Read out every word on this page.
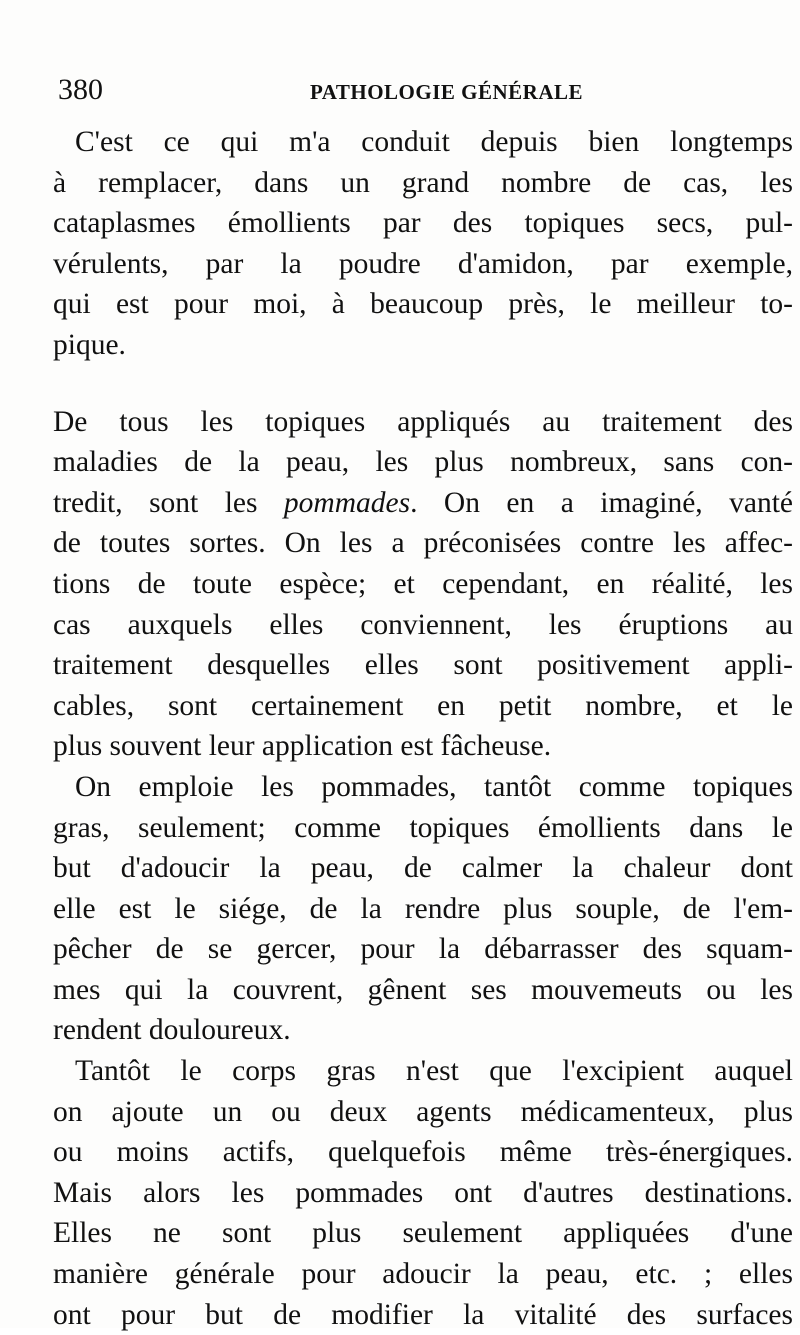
380	PATHOLOGIE GÉNÉRALE
C'est ce qui m'a conduit depuis bien longtemps
à remplacer, dans un grand nombre de cas, les
cataplasmes émollients par des topiques secs, pul-
vérulents, par la poudre d'amidon, par exemple,
qui est pour moi, à beaucoup près, le meilleur to-
pique.
De tous les topiques appliqués au traitement des
maladies de la peau, les plus nombreux, sans con-
tredit, sont les pommades. On en a imaginé, vanté
de toutes sortes. On les a préconisées contre les affec-
tions de toute espèce; et cependant, en réalité, les
cas auxquels elles conviennent, les éruptions au
traitement desquelles elles sont positivement appli-
cables, sont certainement en petit nombre, et le
plus souvent leur application est fâcheuse.
On emploie les pommades, tantôt comme topiques
gras, seulement; comme topiques émollients dans le
but d'adoucir la peau, de calmer la chaleur dont
elle est le siége, de la rendre plus souple, de l'em-
pêcher de se gercer, pour la débarrasser des squam-
mes qui la couvrent, gênent ses mouvemeuts ou les
rendent douloureux.
Tantôt le corps gras n'est que l'excipient auquel
on ajoute un ou deux agents médicamenteux, plus
ou moins actifs, quelquefois même très-énergiques.
Mais alors les pommades ont d'autres destinations.
Elles ne sont plus seulement appliquées d'une
manière générale pour adoucir la peau, etc. ; elles
ont pour but de modifier la vitalité des surfaces
